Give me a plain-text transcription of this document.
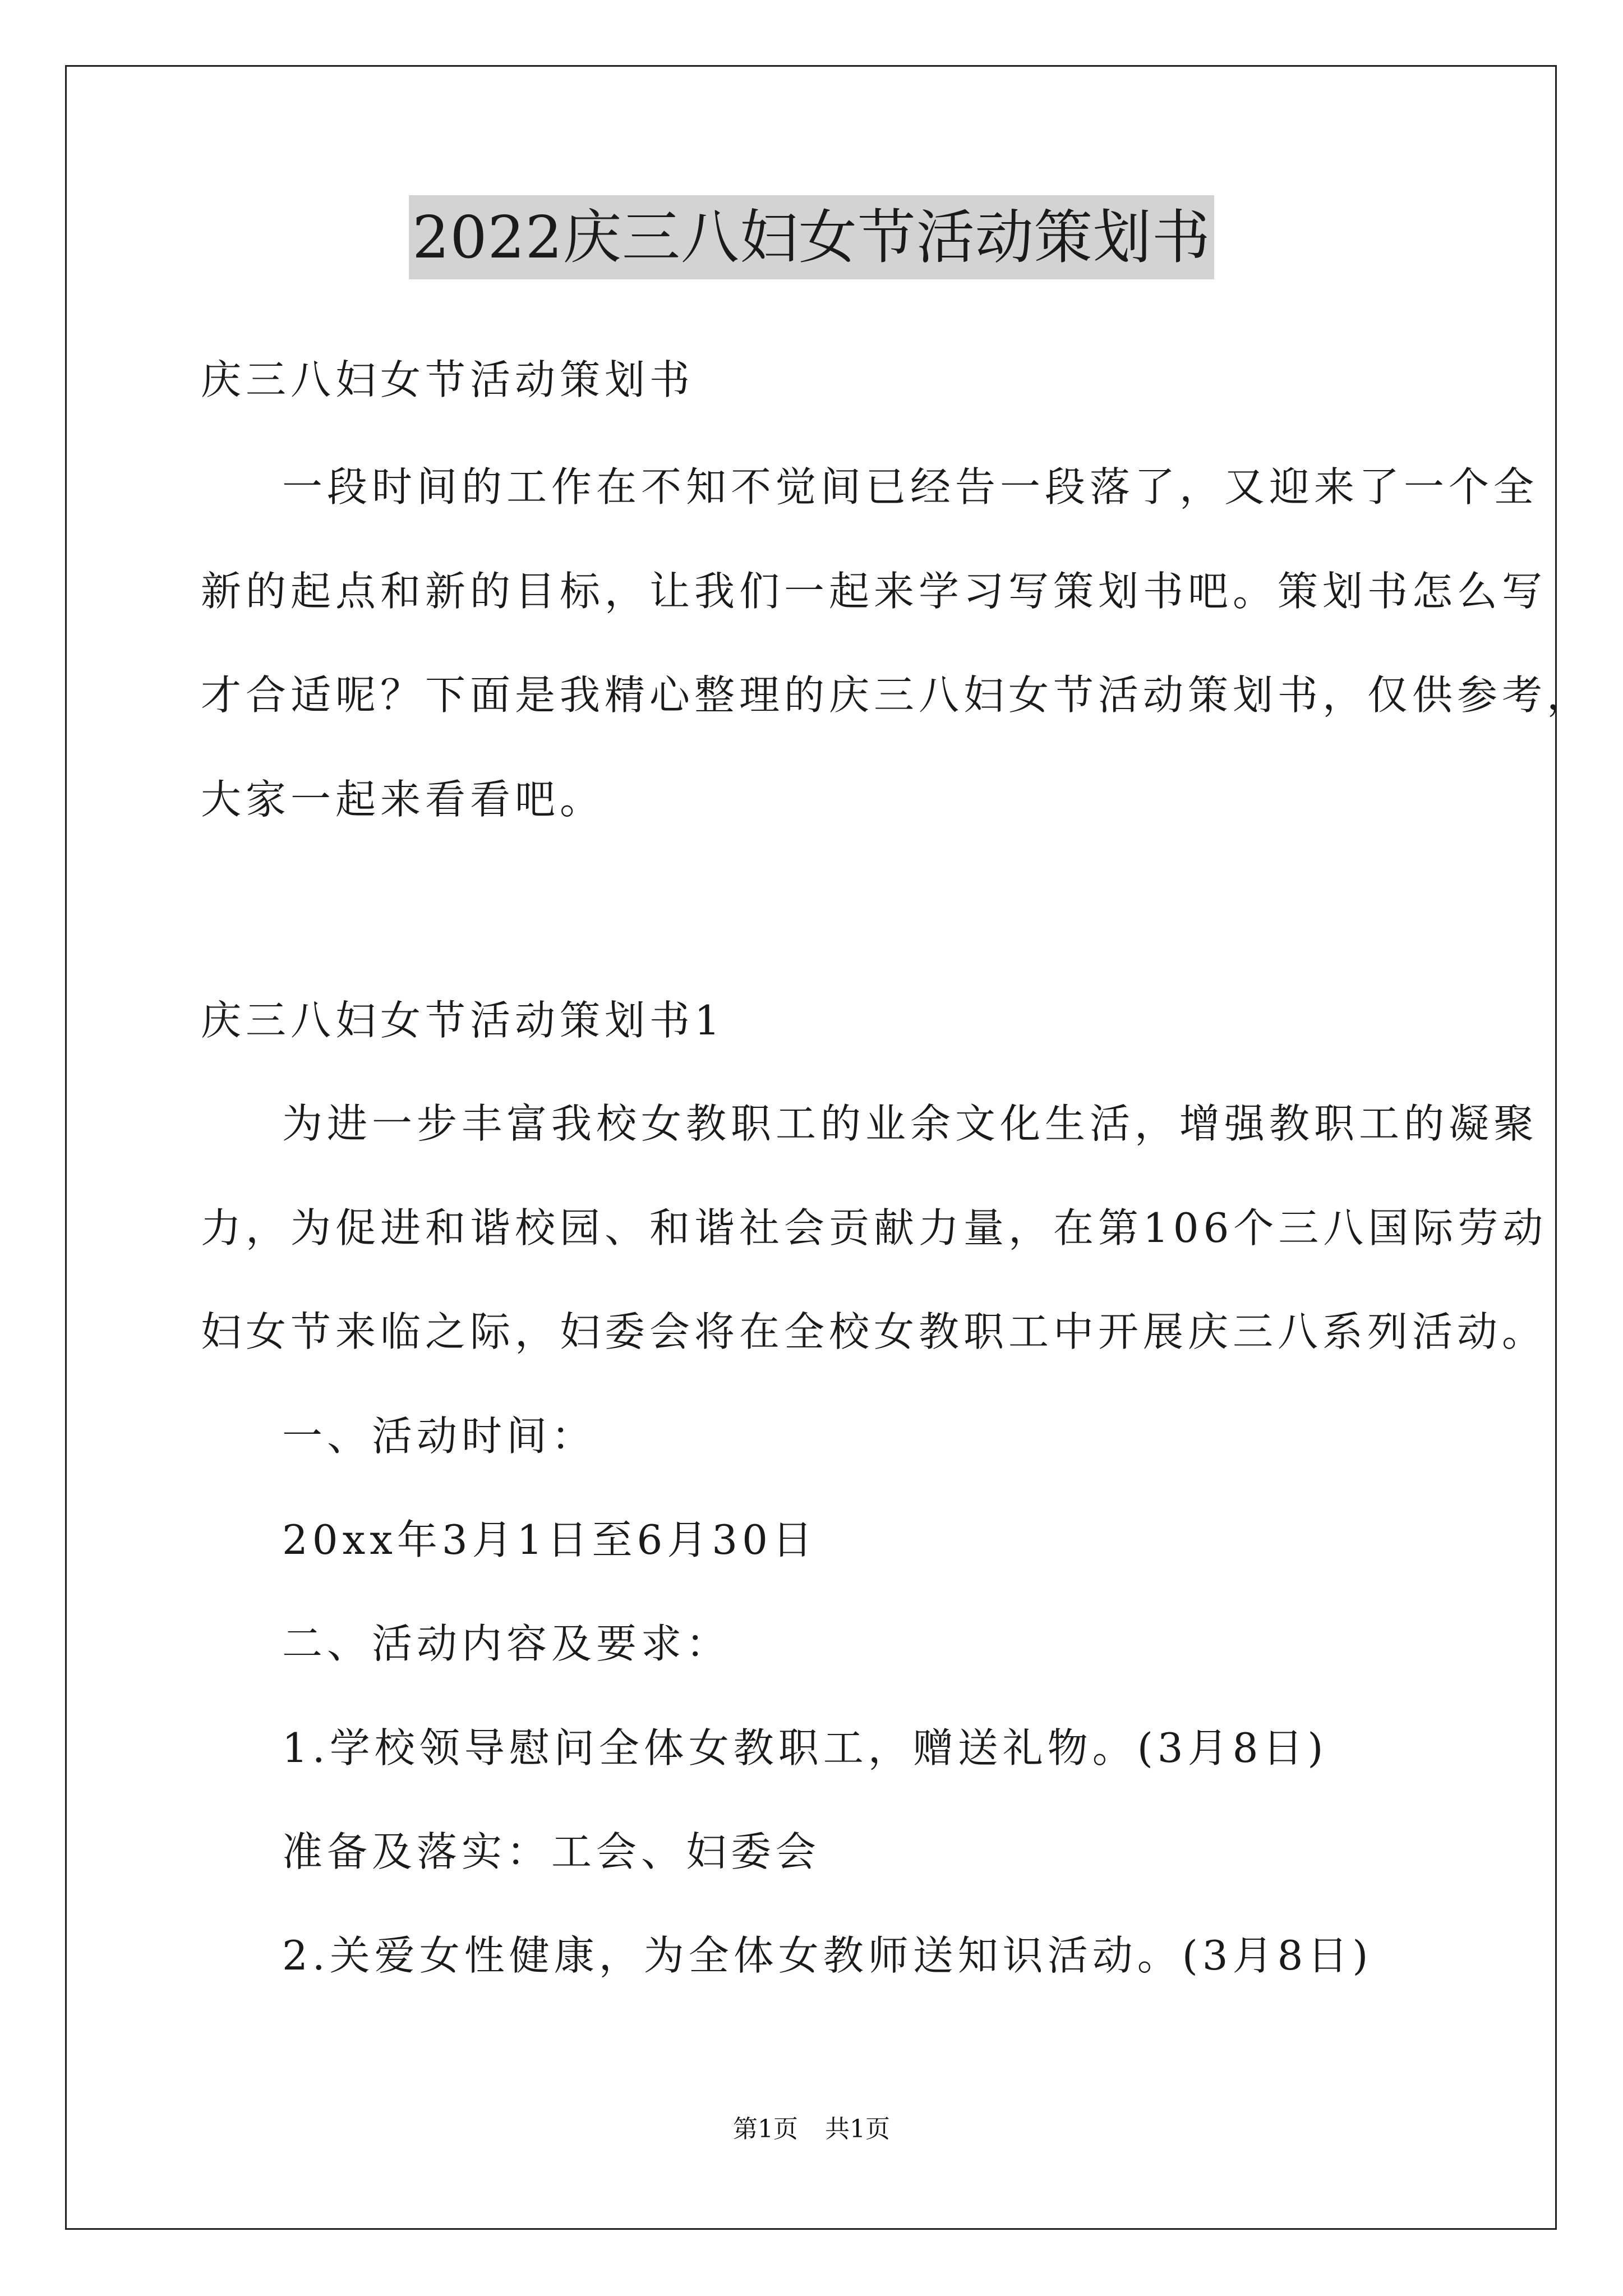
2022庆三八妇女节活动策划书
庆三八妇女节活动策划书
一段时间的工作在不知不觉间已经告一段落了，又迎来了一个全
新的起点和新的目标，让我们一起来学习写策划书吧。策划书怎么写
才合适呢？下面是我精心整理的庆三八妇女节活动策划书，仅供参考，
大家一起来看看吧。
庆三八妇女节活动策划书1
为进一步丰富我校女教职工的业余文化生活，增强教职工的凝聚
力，为促进和谐校园、和谐社会贡献力量，在第106个三八国际劳动
妇女节来临之际，妇委会将在全校女教职工中开展庆三八系列活动。
一、活动时间：
20xx年3月1日至6月30日
二、活动内容及要求：
1.学校领导慰问全体女教职工，赠送礼物。(3月8日)
准备及落实：工会、妇委会
2.关爱女性健康，为全体女教师送知识活动。(3月8日)
第1页 共1页
